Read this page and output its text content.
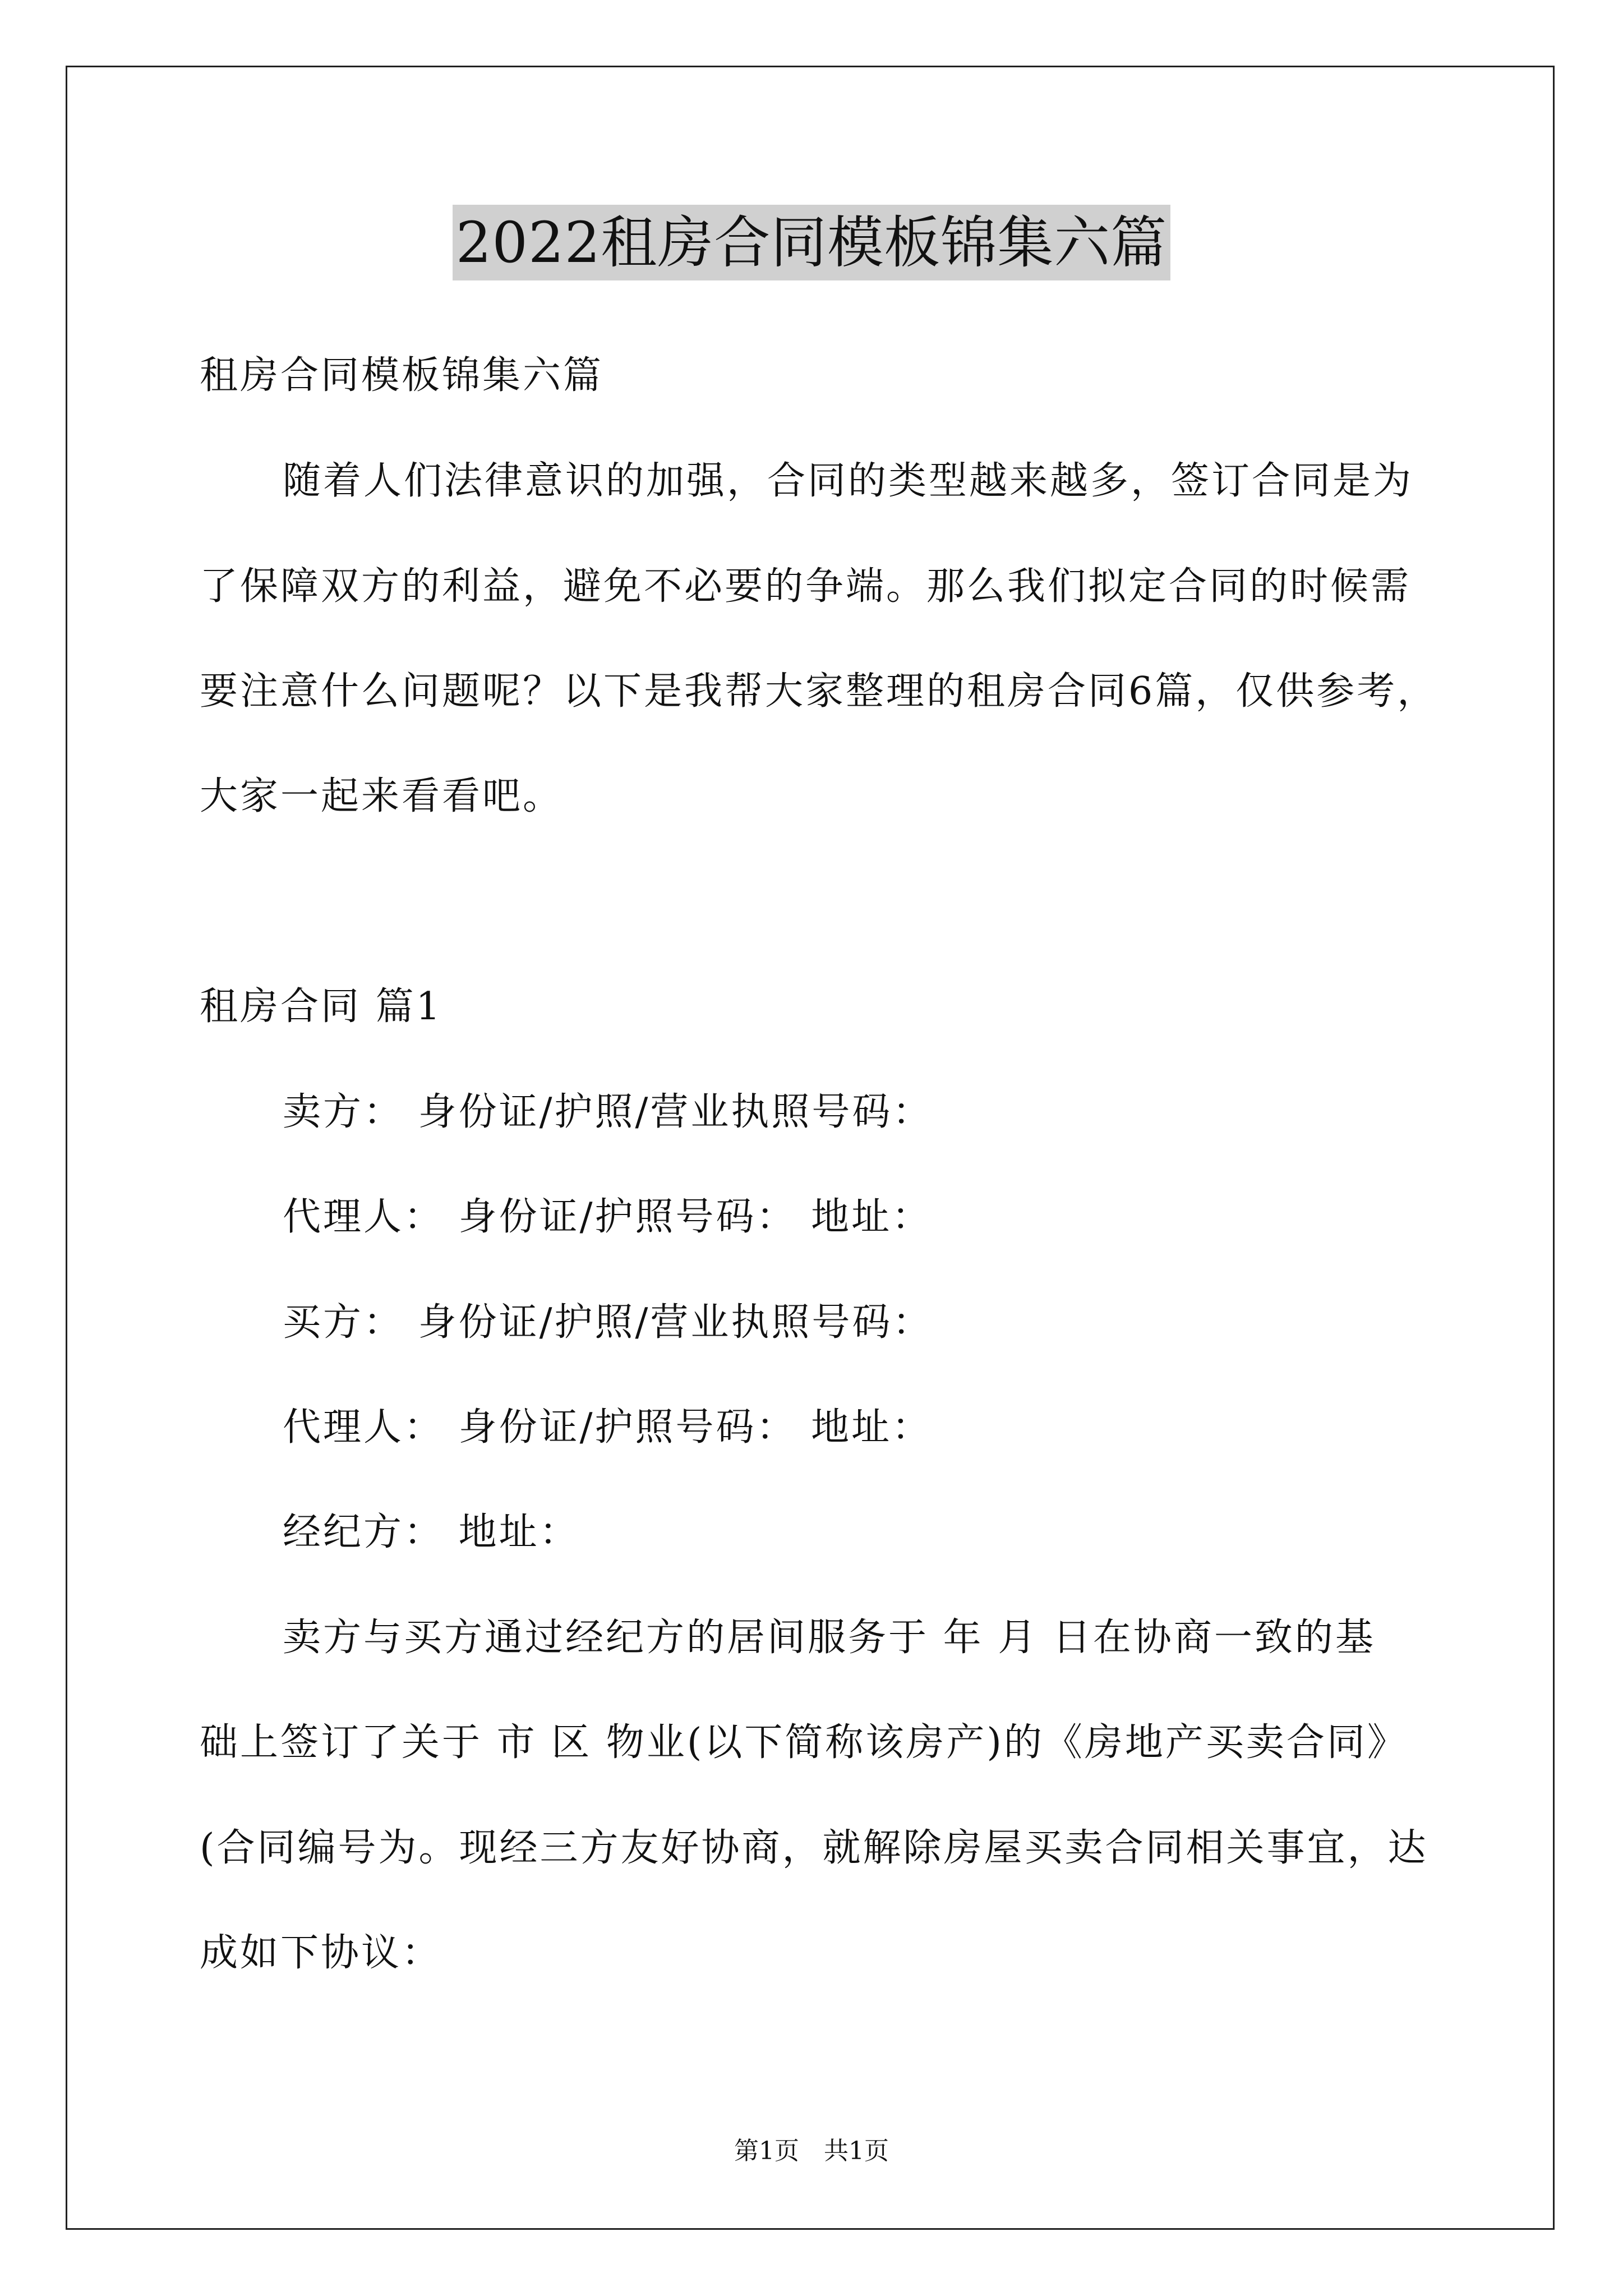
2022租房合同模板锦集六篇
租房合同模板锦集六篇
随着人们法律意识的加强，合同的类型越来越多，签订合同是为
了保障双方的利益，避免不必要的争端。那么我们拟定合同的时候需
要注意什么问题呢？以下是我帮大家整理的租房合同6篇，仅供参考，
大家一起来看看吧。
租房合同 篇1
卖方： 身份证/护照/营业执照号码：
代理人： 身份证/护照号码： 地址：
买方： 身份证/护照/营业执照号码：
代理人： 身份证/护照号码： 地址：
经纪方： 地址：
卖方与买方通过经纪方的居间服务于 年 月 日在协商一致的基
础上签订了关于 市 区 物业(以下简称该房产)的《房地产买卖合同》
(合同编号为。现经三方友好协商，就解除房屋买卖合同相关事宜，达
成如下协议：
第1页　共1页
